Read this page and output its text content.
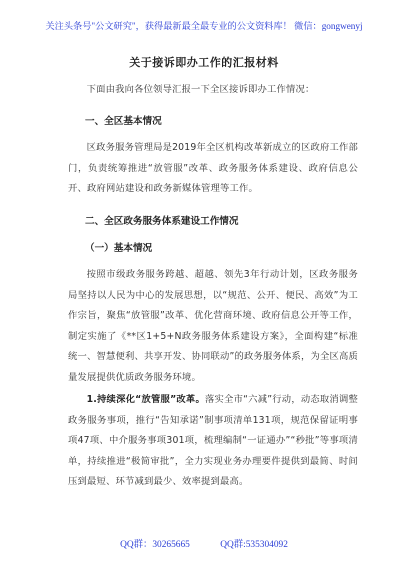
关注头条号"公文研究"，获得最新最全最专业的公文资料库！ 微信：gongwenyj
关于接诉即办工作的汇报材料
下面由我向各位领导汇报一下全区接诉即办工作情况：
一、全区基本情况
区政务服务管理局是2019年全区机构改革新成立的区政府工作部门，负责统筹推进“放管服”改革、政务服务体系建设、政府信息公开、政府网站建设和政务新媒体管理等工作。
二、全区政务服务体系建设工作情况
（一）基本情况
按照市级政务服务跨越、超越、领先3年行动计划，区政务服务局坚持以人民为中心的发展思想，以“规范、公开、便民、高效”为工作宗旨，聚焦“放管服”改革、优化营商环境、政府信息公开等工作，制定实施了《**区1+5+N政务服务体系建设方案》，全面构建“标准统一、智慧便利、共享开发、协同联动”的政务服务体系，为全区高质量发展提供优质政务服务环境。
1.持续深化“放管服”改革。落实全市“六减”行动，动态取消调整政务服务事项，推行“告知承诺”制事项清单131项，规范保留证明事项47项、中介服务事项301项，梳理编制“一证通办”“秒批”等事项清单，持续推进“极简审批”，全力实现业务办理要件提供到最简、时间压到最短、环节减到最少、效率提到最高。
QQ群：30265665	QQ群:535304092
